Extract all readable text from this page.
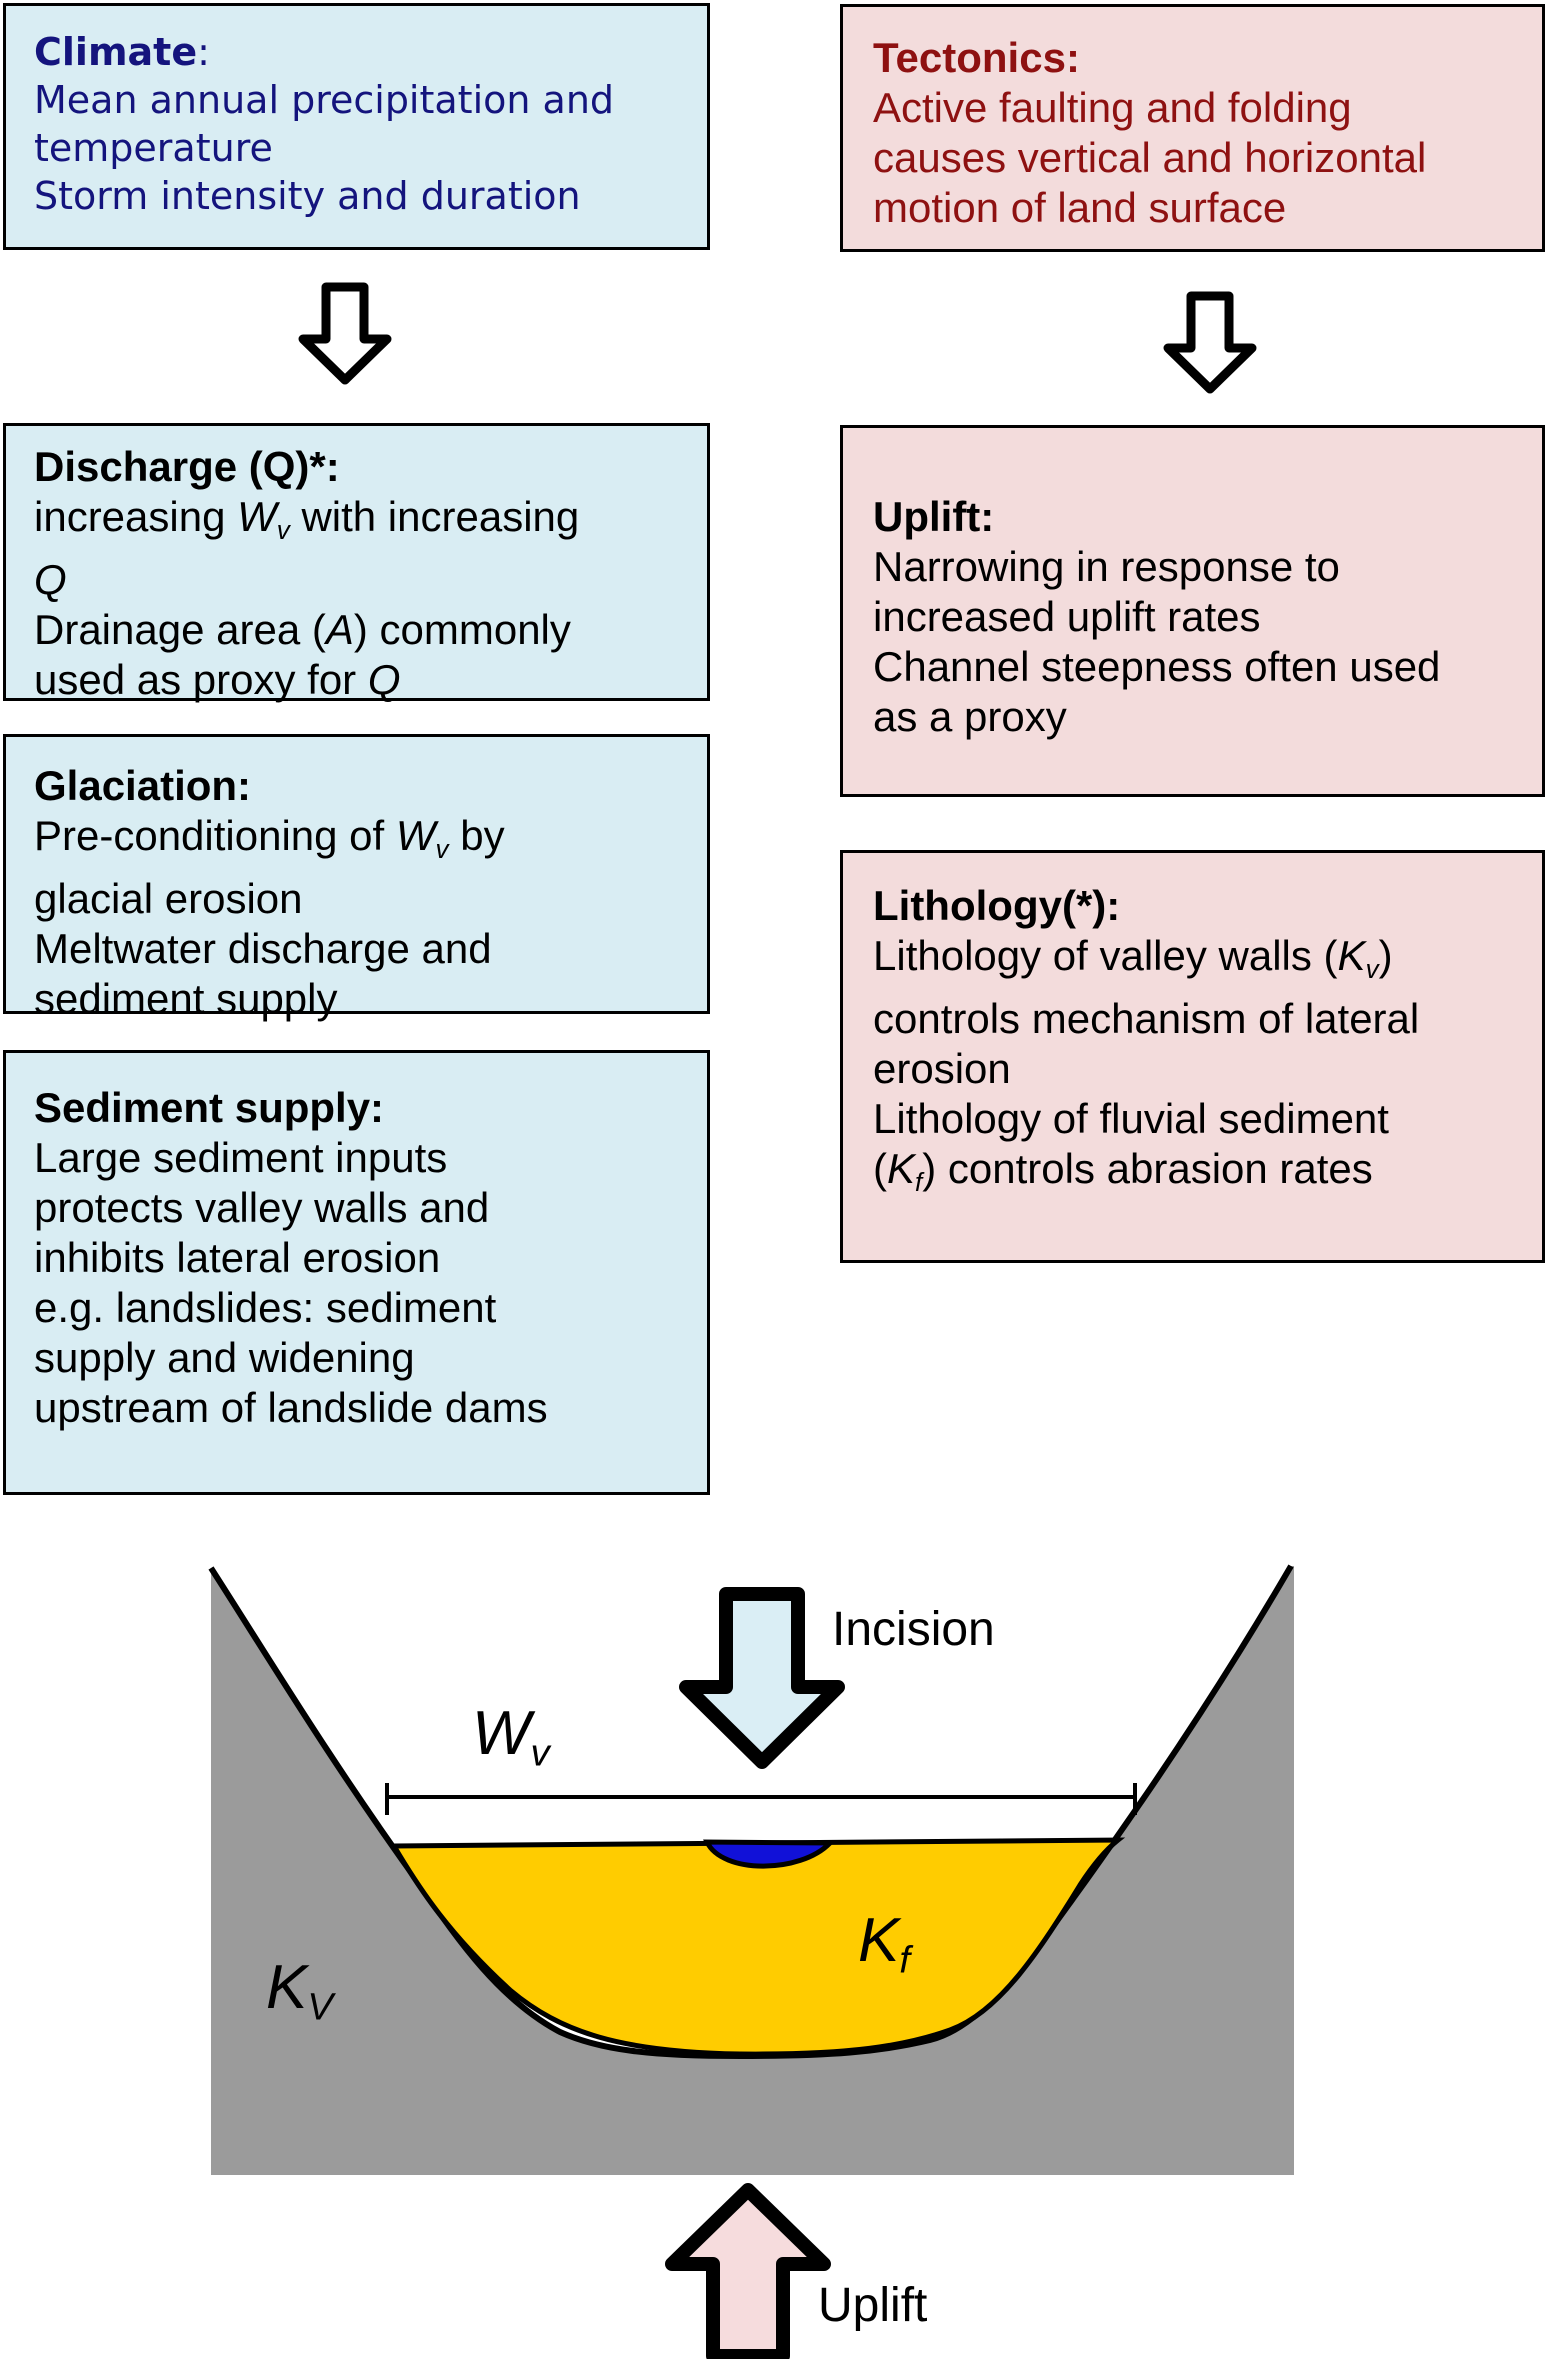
Climate:
Mean annual precipitation and
temperature
Storm intensity and duration
Tectonics:
Active faulting and folding
causes vertical and horizontal
motion of land surface
Discharge (Q)*:
increasing $W_v$ with increasing
Q
Drainage area (A) commonly
used as proxy for Q
Glaciation:
Pre-conditioning of $W_v$ by
glacial erosion
Meltwater discharge and
sediment supply
Sediment supply:
Large sediment inputs
protects valley walls and
inhibits lateral erosion
e.g. landslides: sediment
supply and widening
upstream of landslide dams
Uplift:
Narrowing in response to
increased uplift rates
Channel steepness often used
as a proxy
Lithology(*):
Lithology of valley walls $(K_v)$
controls mechanism of lateral
erosion
Lithology of fluvial sediment
$(K_f)$ controls abrasion rates
$W_v$
$K_V$
$K_f$
Incision
Uplift
